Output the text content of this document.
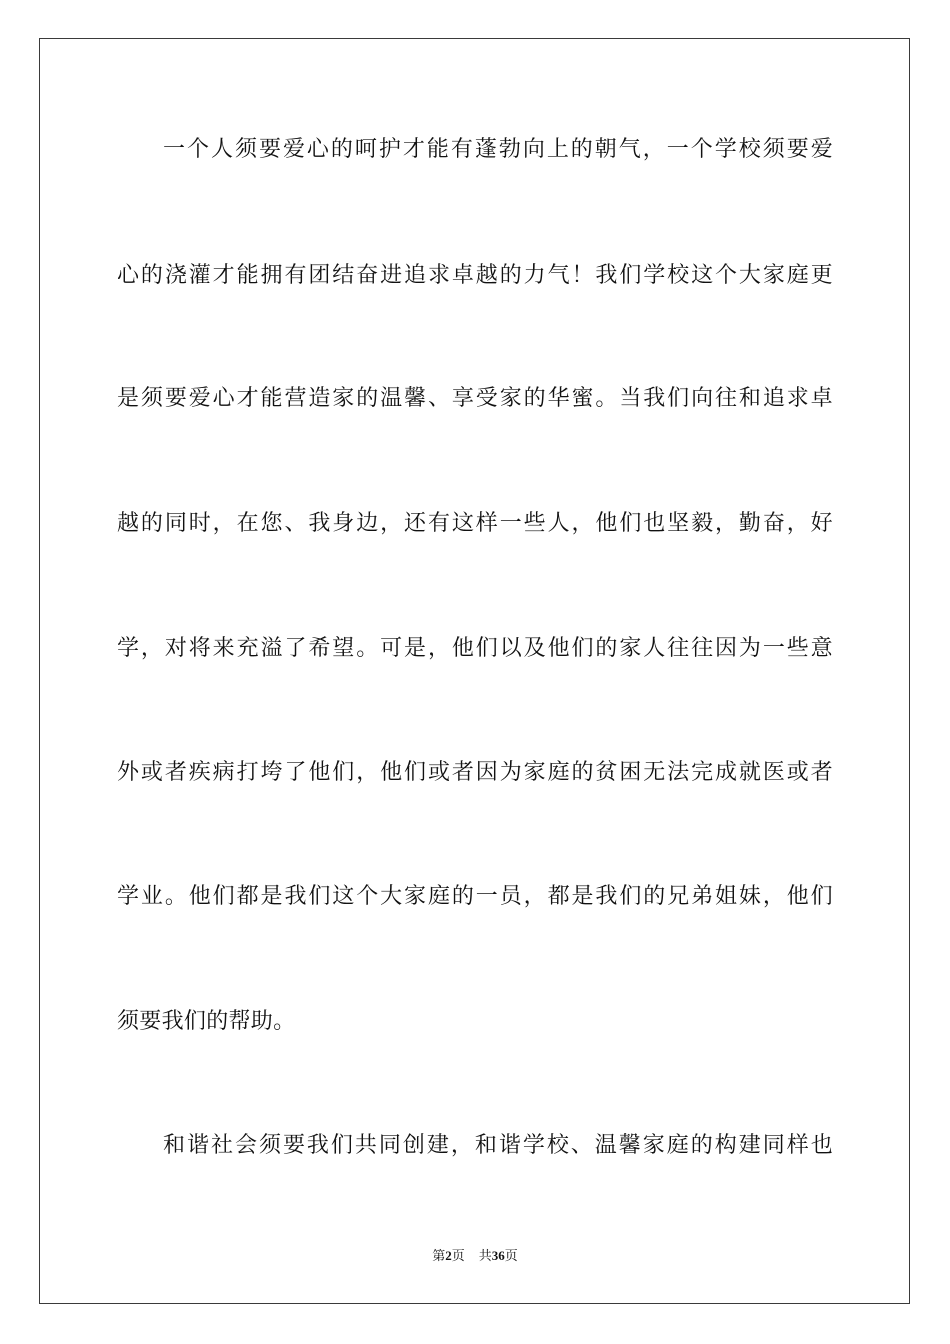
一个人须要爱心的呵护才能有蓬勃向上的朝气，一个学校须要爱
心的浇灌才能拥有团结奋进追求卓越的力气！我们学校这个大家庭更
是须要爱心才能营造家的温馨、享受家的华蜜。当我们向往和追求卓
越的同时，在您、我身边，还有这样一些人，他们也坚毅，勤奋，好
学，对将来充溢了希望。可是，他们以及他们的家人往往因为一些意
外或者疾病打垮了他们，他们或者因为家庭的贫困无法完成就医或者
学业。他们都是我们这个大家庭的一员，都是我们的兄弟姐妹，他们
须要我们的帮助。
和谐社会须要我们共同创建，和谐学校、温馨家庭的构建同样也
第2页 共36页
